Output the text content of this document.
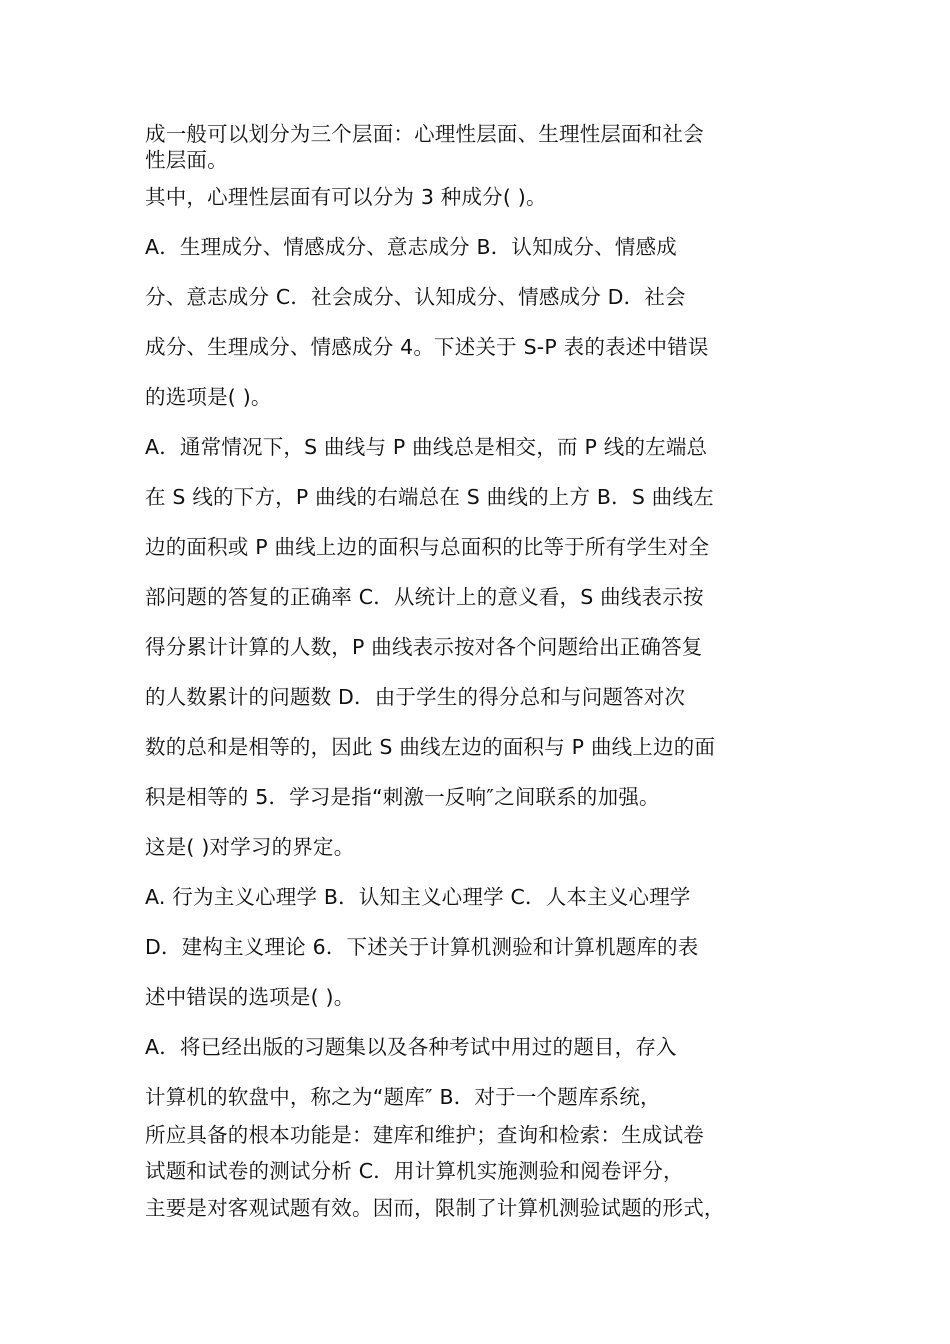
成一般可以划分为三个层面：心理性层面、生理性层面和社会
性层面。
其中，心理性层面有可以分为 3 种成分( )。
A．生理成分、情感成分、意志成分 B．认知成分、情感成
分、意志成分 C．社会成分、认知成分、情感成分 D．社会
成分、生理成分、情感成分 4。下述关于 S-P 表的表述中错误
的选项是( )。
A．通常情况下，S 曲线与 P 曲线总是相交，而 P 线的左端总
在 S 线的下方，P 曲线的右端总在 S 曲线的上方 B．S 曲线左
边的面积或 P 曲线上边的面积与总面积的比等于所有学生对全
部问题的答复的正确率 C．从统计上的意义看，S 曲线表示按
得分累计计算的人数，P 曲线表示按对各个问题给出正确答复
的人数累计的问题数 D．由于学生的得分总和与问题答对次
数的总和是相等的，因此 S 曲线左边的面积与 P 曲线上边的面
积是相等的 5．学习是指“刺激一反响″之间联系的加强。
这是( )对学习的界定。
A. 行为主义心理学 B．认知主义心理学 C．人本主义心理学
D．建构主义理论 6．下述关于计算机测验和计算机题库的表
述中错误的选项是( )。
A．将已经出版的习题集以及各种考试中用过的题目，存入
计算机的软盘中，称之为“题库″ B．对于一个题库系统，
所应具备的根本功能是：建库和维护；查询和检索：生成试卷
试题和试卷的测试分析 C．用计算机实施测验和阅卷评分，
主要是对客观试题有效。因而，限制了计算机测验试题的形式，
